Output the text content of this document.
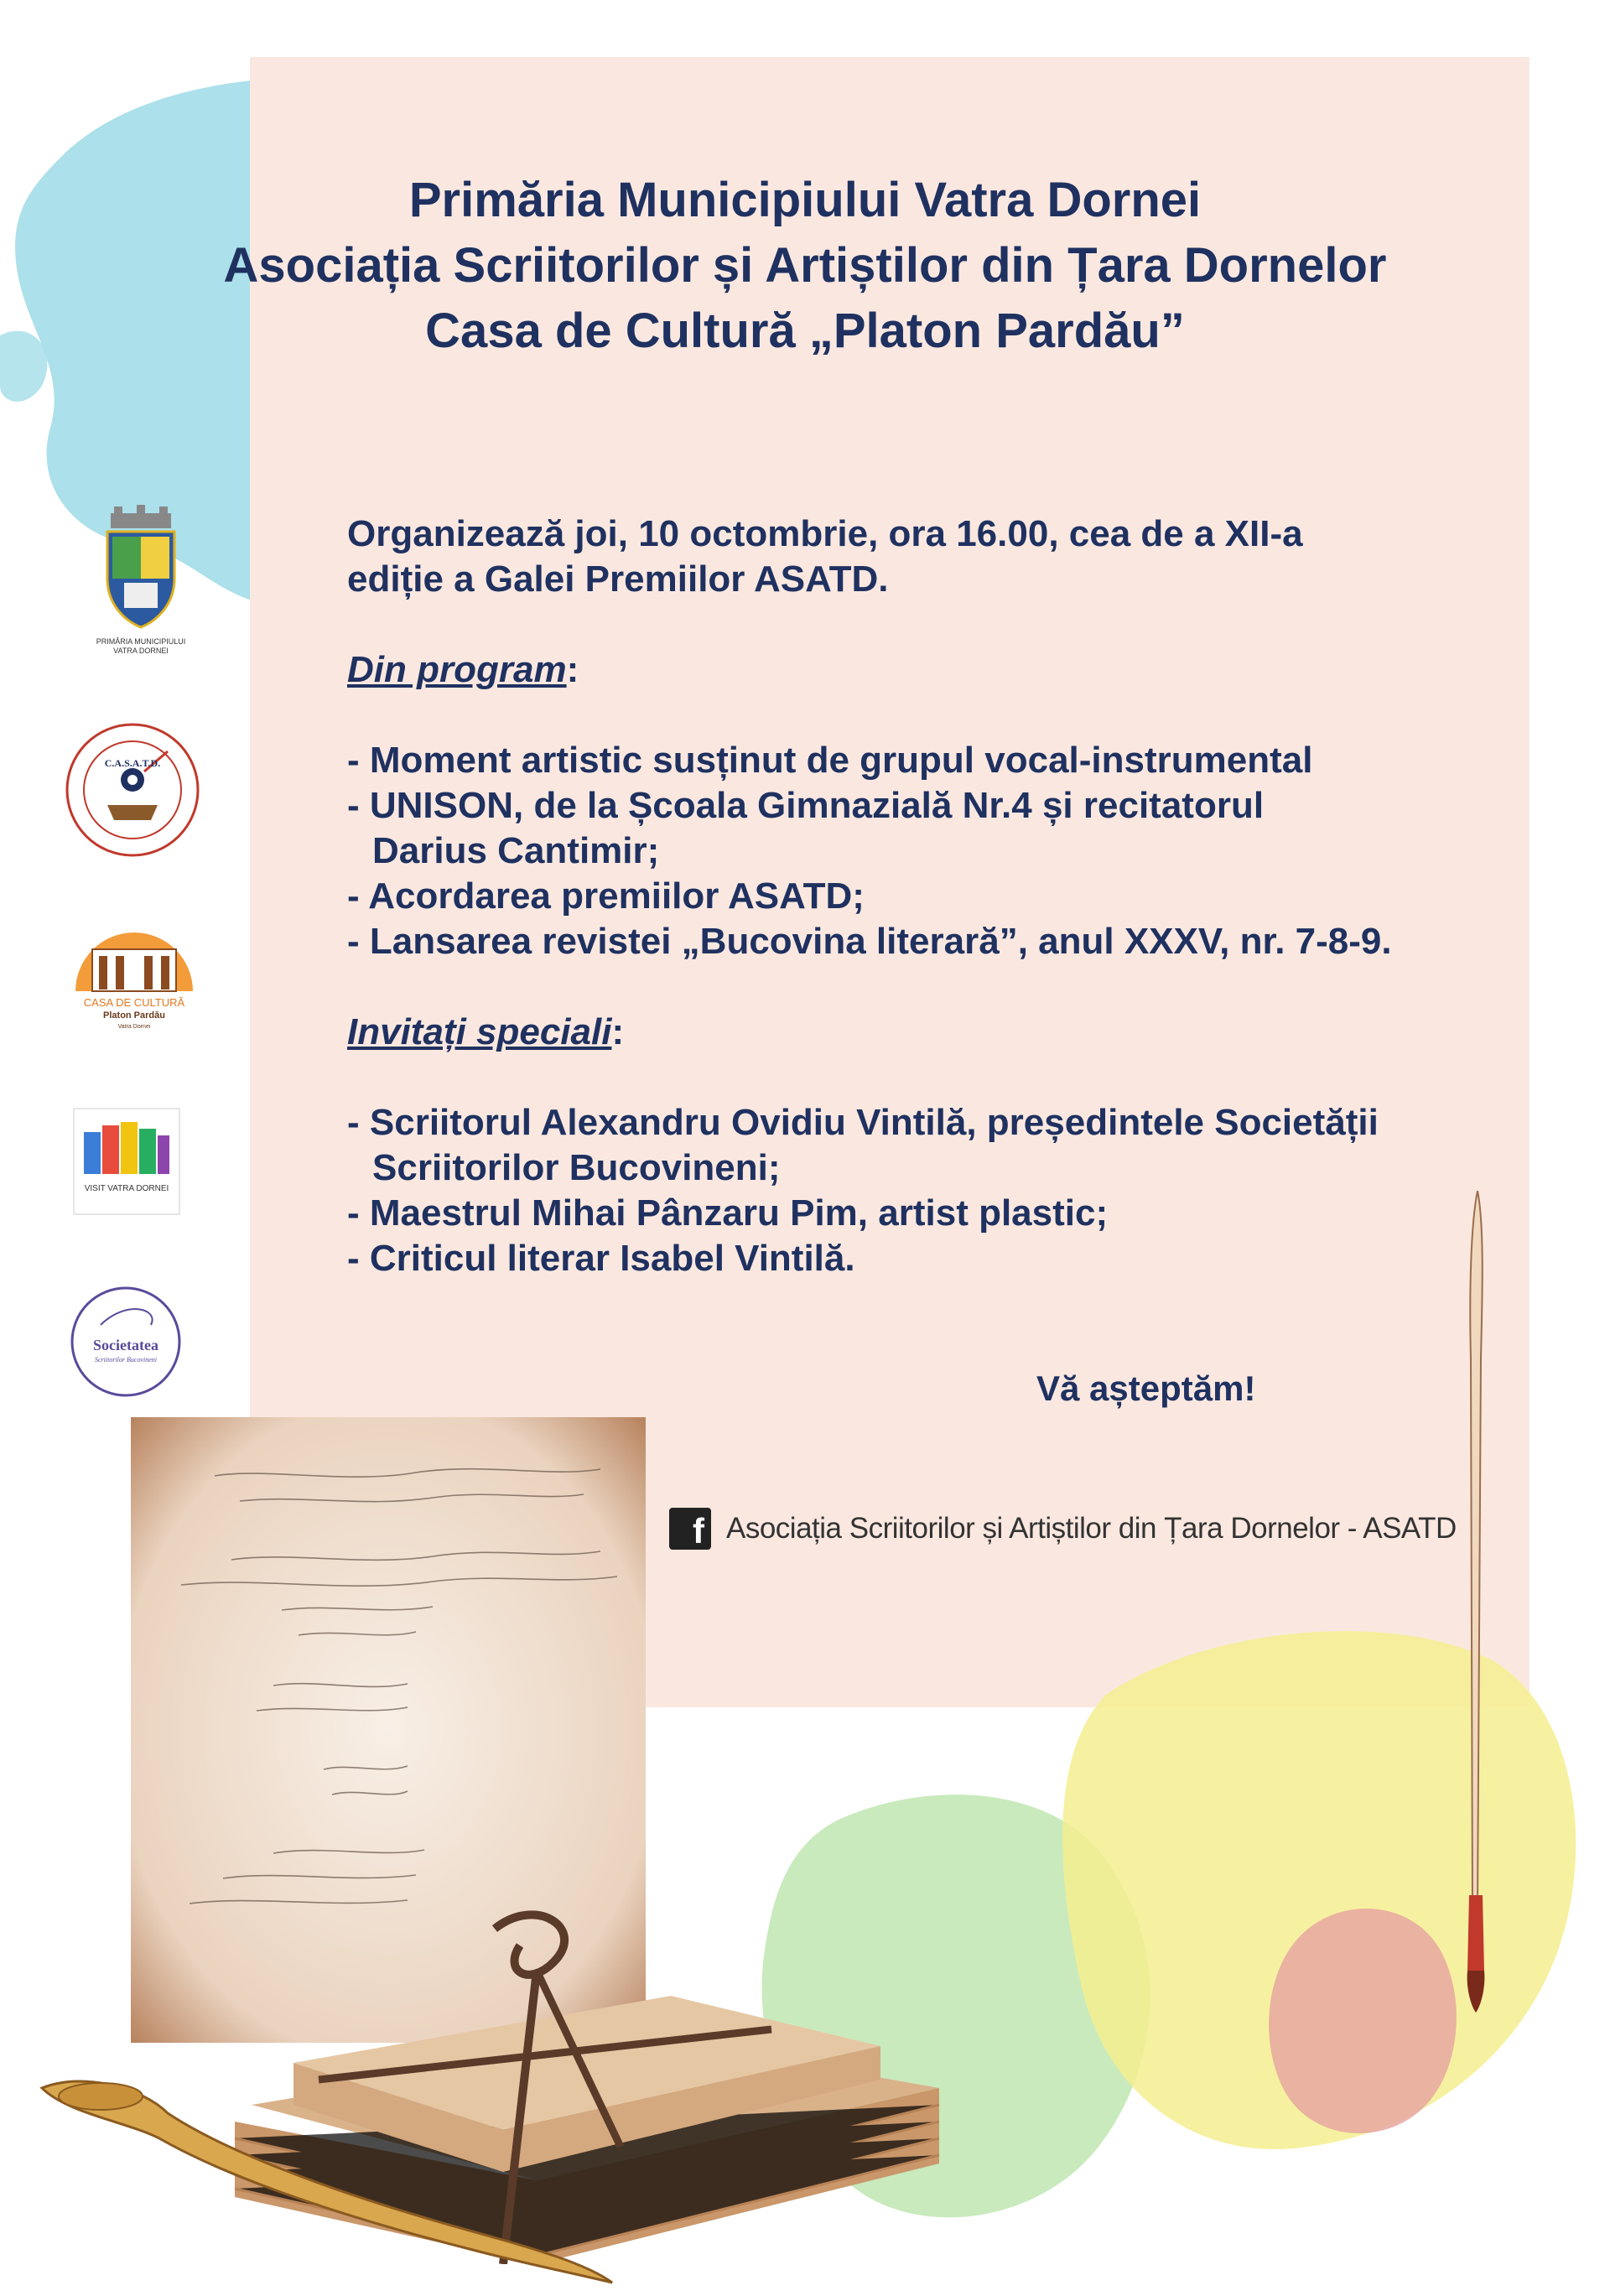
Primăria Municipiului Vatra Dornei
Asociația Scriitorilor și Artiștilor din Țara Dornelor
Casa de Cultură „Platon Pardău”

Organizează joi, 10 octombrie, ora 16.00, cea de a XII-a

ediție a Galei Premiilor ASATD.

Din program:

- Moment artistic susținut de grupul vocal-instrumental
- UNISON, de la Școala Gimnazială Nr.4 și recitatorul
Darius Cantimir;
- Acordarea premiilor ASATD;
- Lansarea revistei „Bucovina literară”, anul XXXV, nr. 7-8-9.

Invitați speciali:

- Scriitorul Alexandru Ovidiu Vintilă, președintele Societății
Scriitorilor Bucovineni;
- Maestrul Mihai Pânzaru Pim, artist plastic;
- Criticul literar Isabel Vintilă.
Vă așteptăm!
f Asociația Scriitorilor și Artiștilor din Țara Dornelor - ASATD
PRIMĂRIA MUNICIPIULUI
VATRA DORNEI
C.A.S.A.T.D.
CASA DE CULTURĂ
Platon Pardău
Vatra Dornei
VISIT VATRA DORNEI
Societatea
Scriitorilor Bucovineni
